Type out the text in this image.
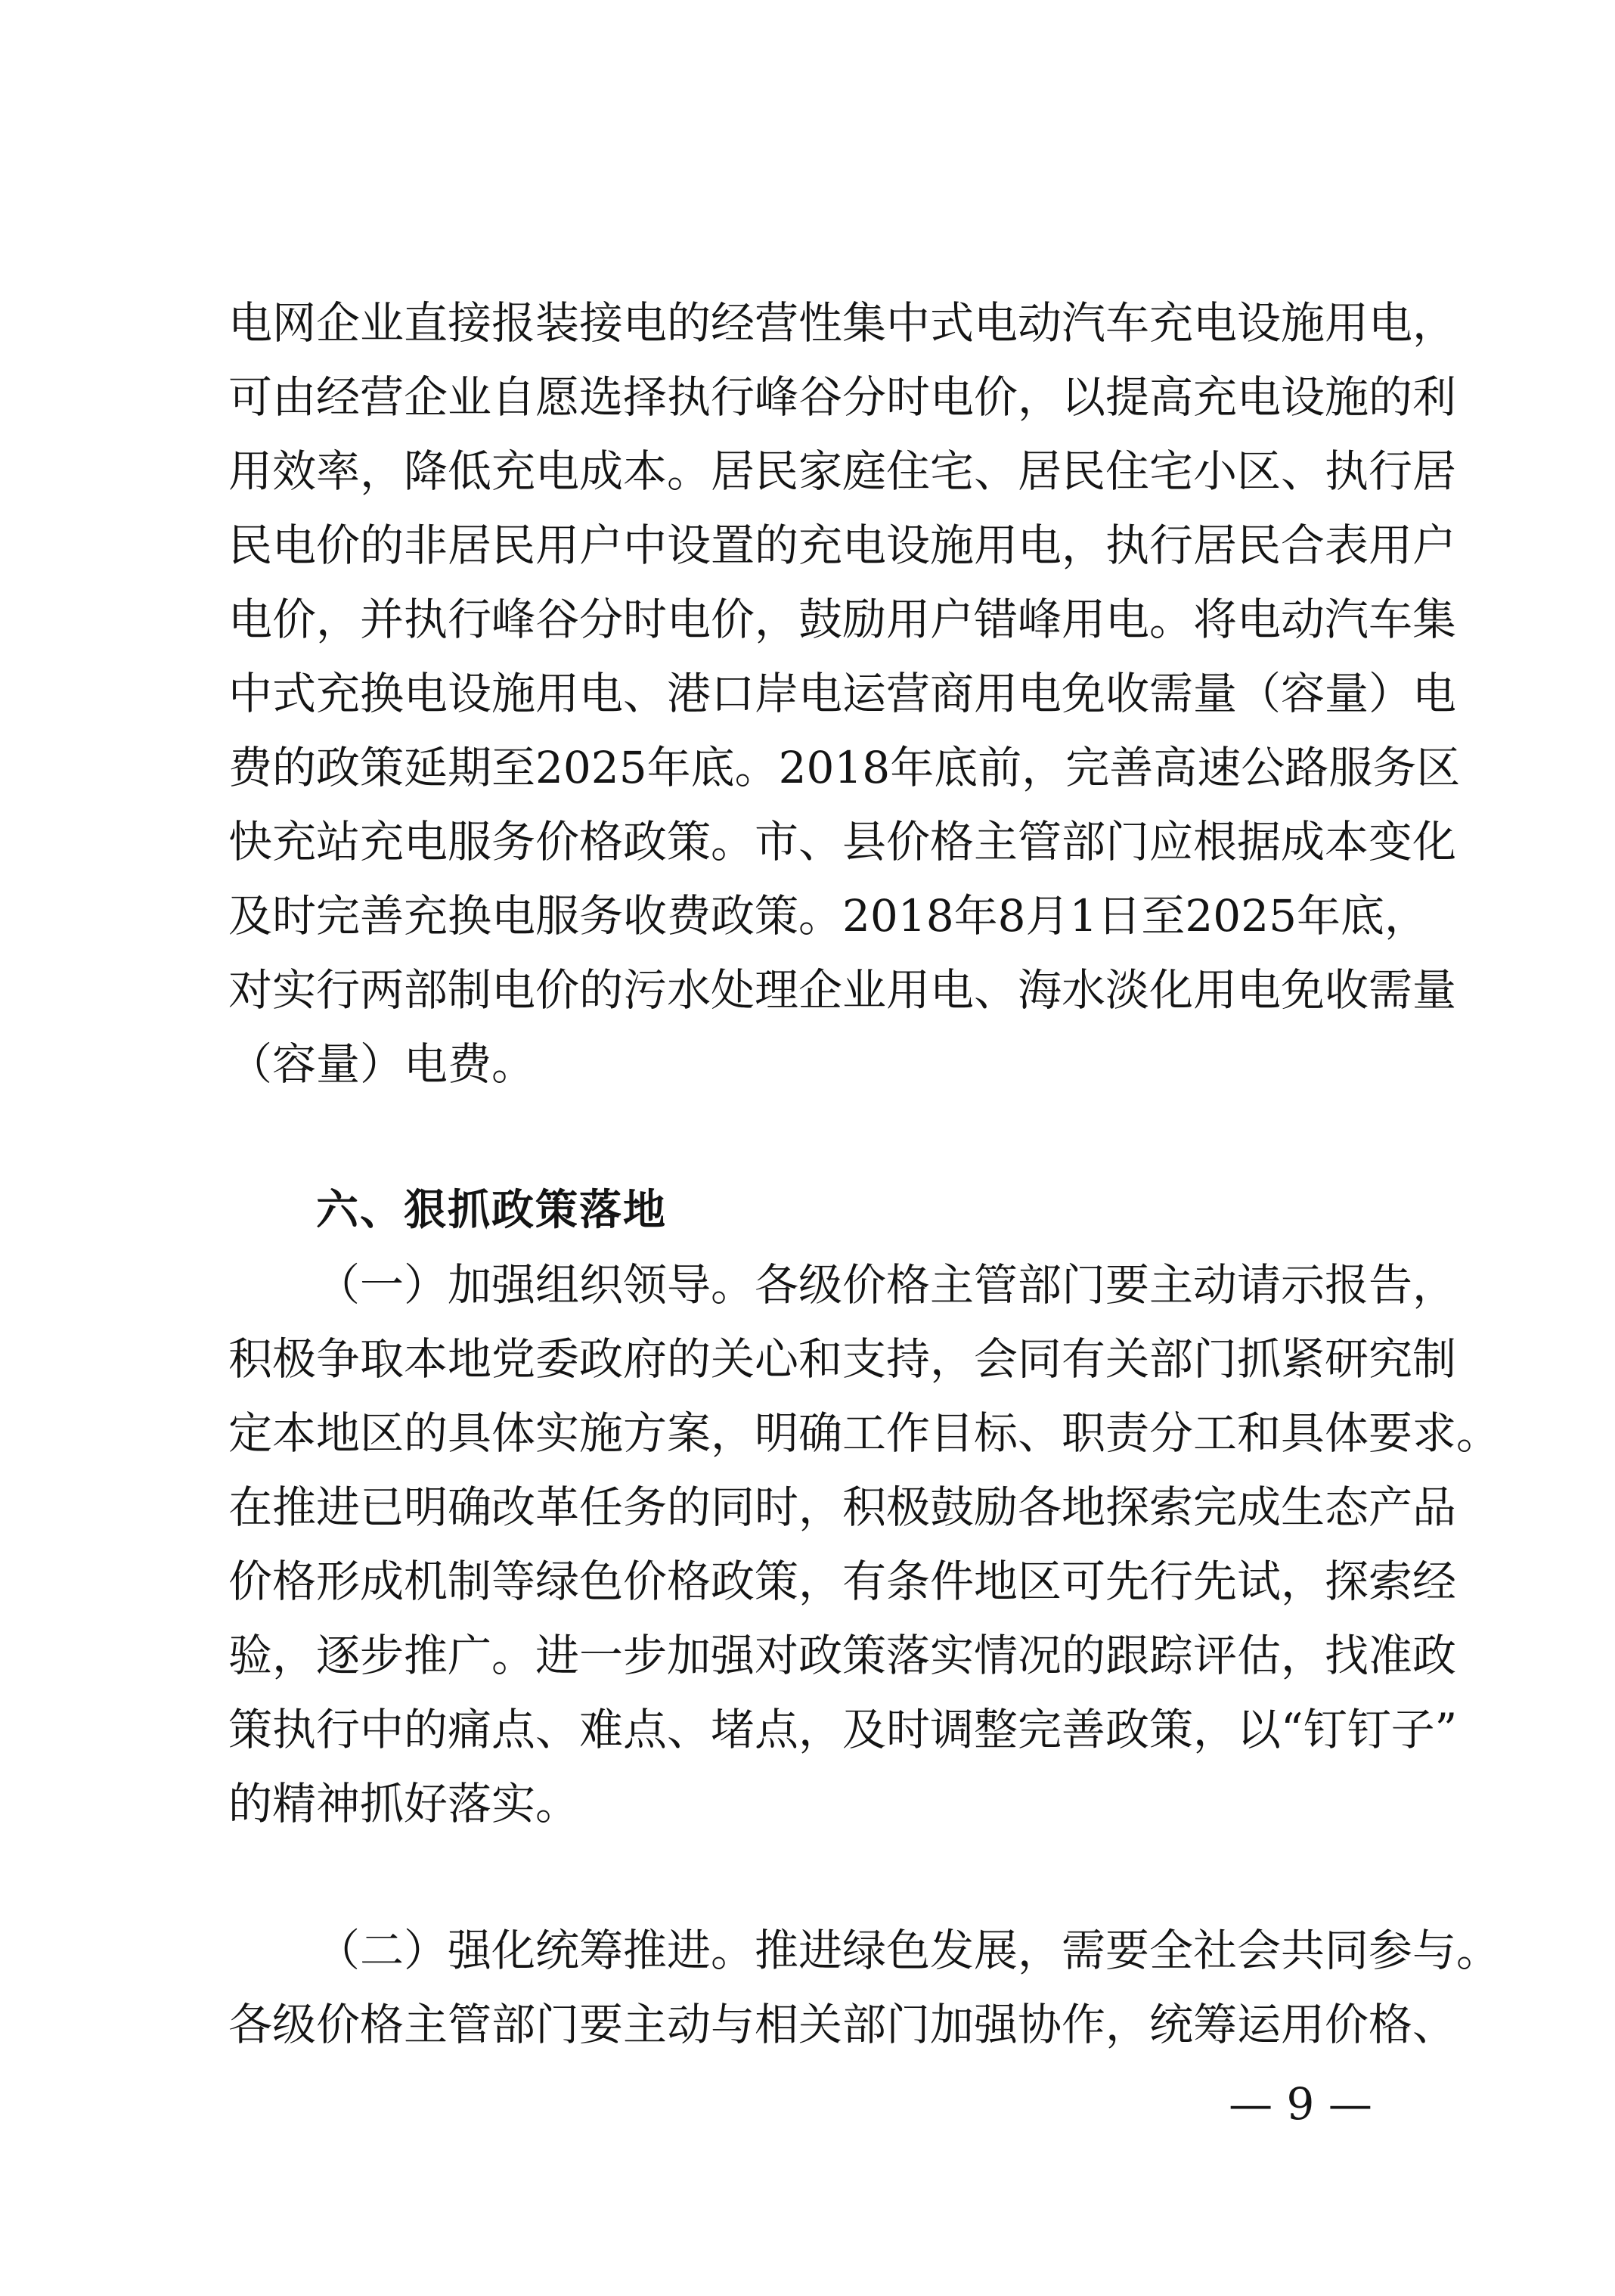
电网企业直接报装接电的经营性集中式电动汽车充电设施用电，
可由经营企业自愿选择执行峰谷分时电价，以提高充电设施的利
用效率，降低充电成本。居民家庭住宅、居民住宅小区、执行居
民电价的非居民用户中设置的充电设施用电，执行居民合表用户
电价，并执行峰谷分时电价，鼓励用户错峰用电。将电动汽车集
中式充换电设施用电、港口岸电运营商用电免收需量（容量）电
费的政策延期至2025年底。2018年底前，完善高速公路服务区
快充站充电服务价格政策。市、县价格主管部门应根据成本变化
及时完善充换电服务收费政策。2018年8月1日至2025年底，
对实行两部制电价的污水处理企业用电、海水淡化用电免收需量
（容量）电费。
六、狠抓政策落地
（一）加强组织领导。各级价格主管部门要主动请示报告，
积极争取本地党委政府的关心和支持，会同有关部门抓紧研究制
定本地区的具体实施方案，明确工作目标、职责分工和具体要求。
在推进已明确改革任务的同时，积极鼓励各地探索完成生态产品
价格形成机制等绿色价格政策，有条件地区可先行先试，探索经
验，逐步推广。进一步加强对政策落实情况的跟踪评估，找准政
策执行中的痛点、难点、堵点，及时调整完善政策，以“钉钉子”
的精神抓好落实。
（二）强化统筹推进。推进绿色发展，需要全社会共同参与。
各级价格主管部门要主动与相关部门加强协作，统筹运用价格、
— 9 —
